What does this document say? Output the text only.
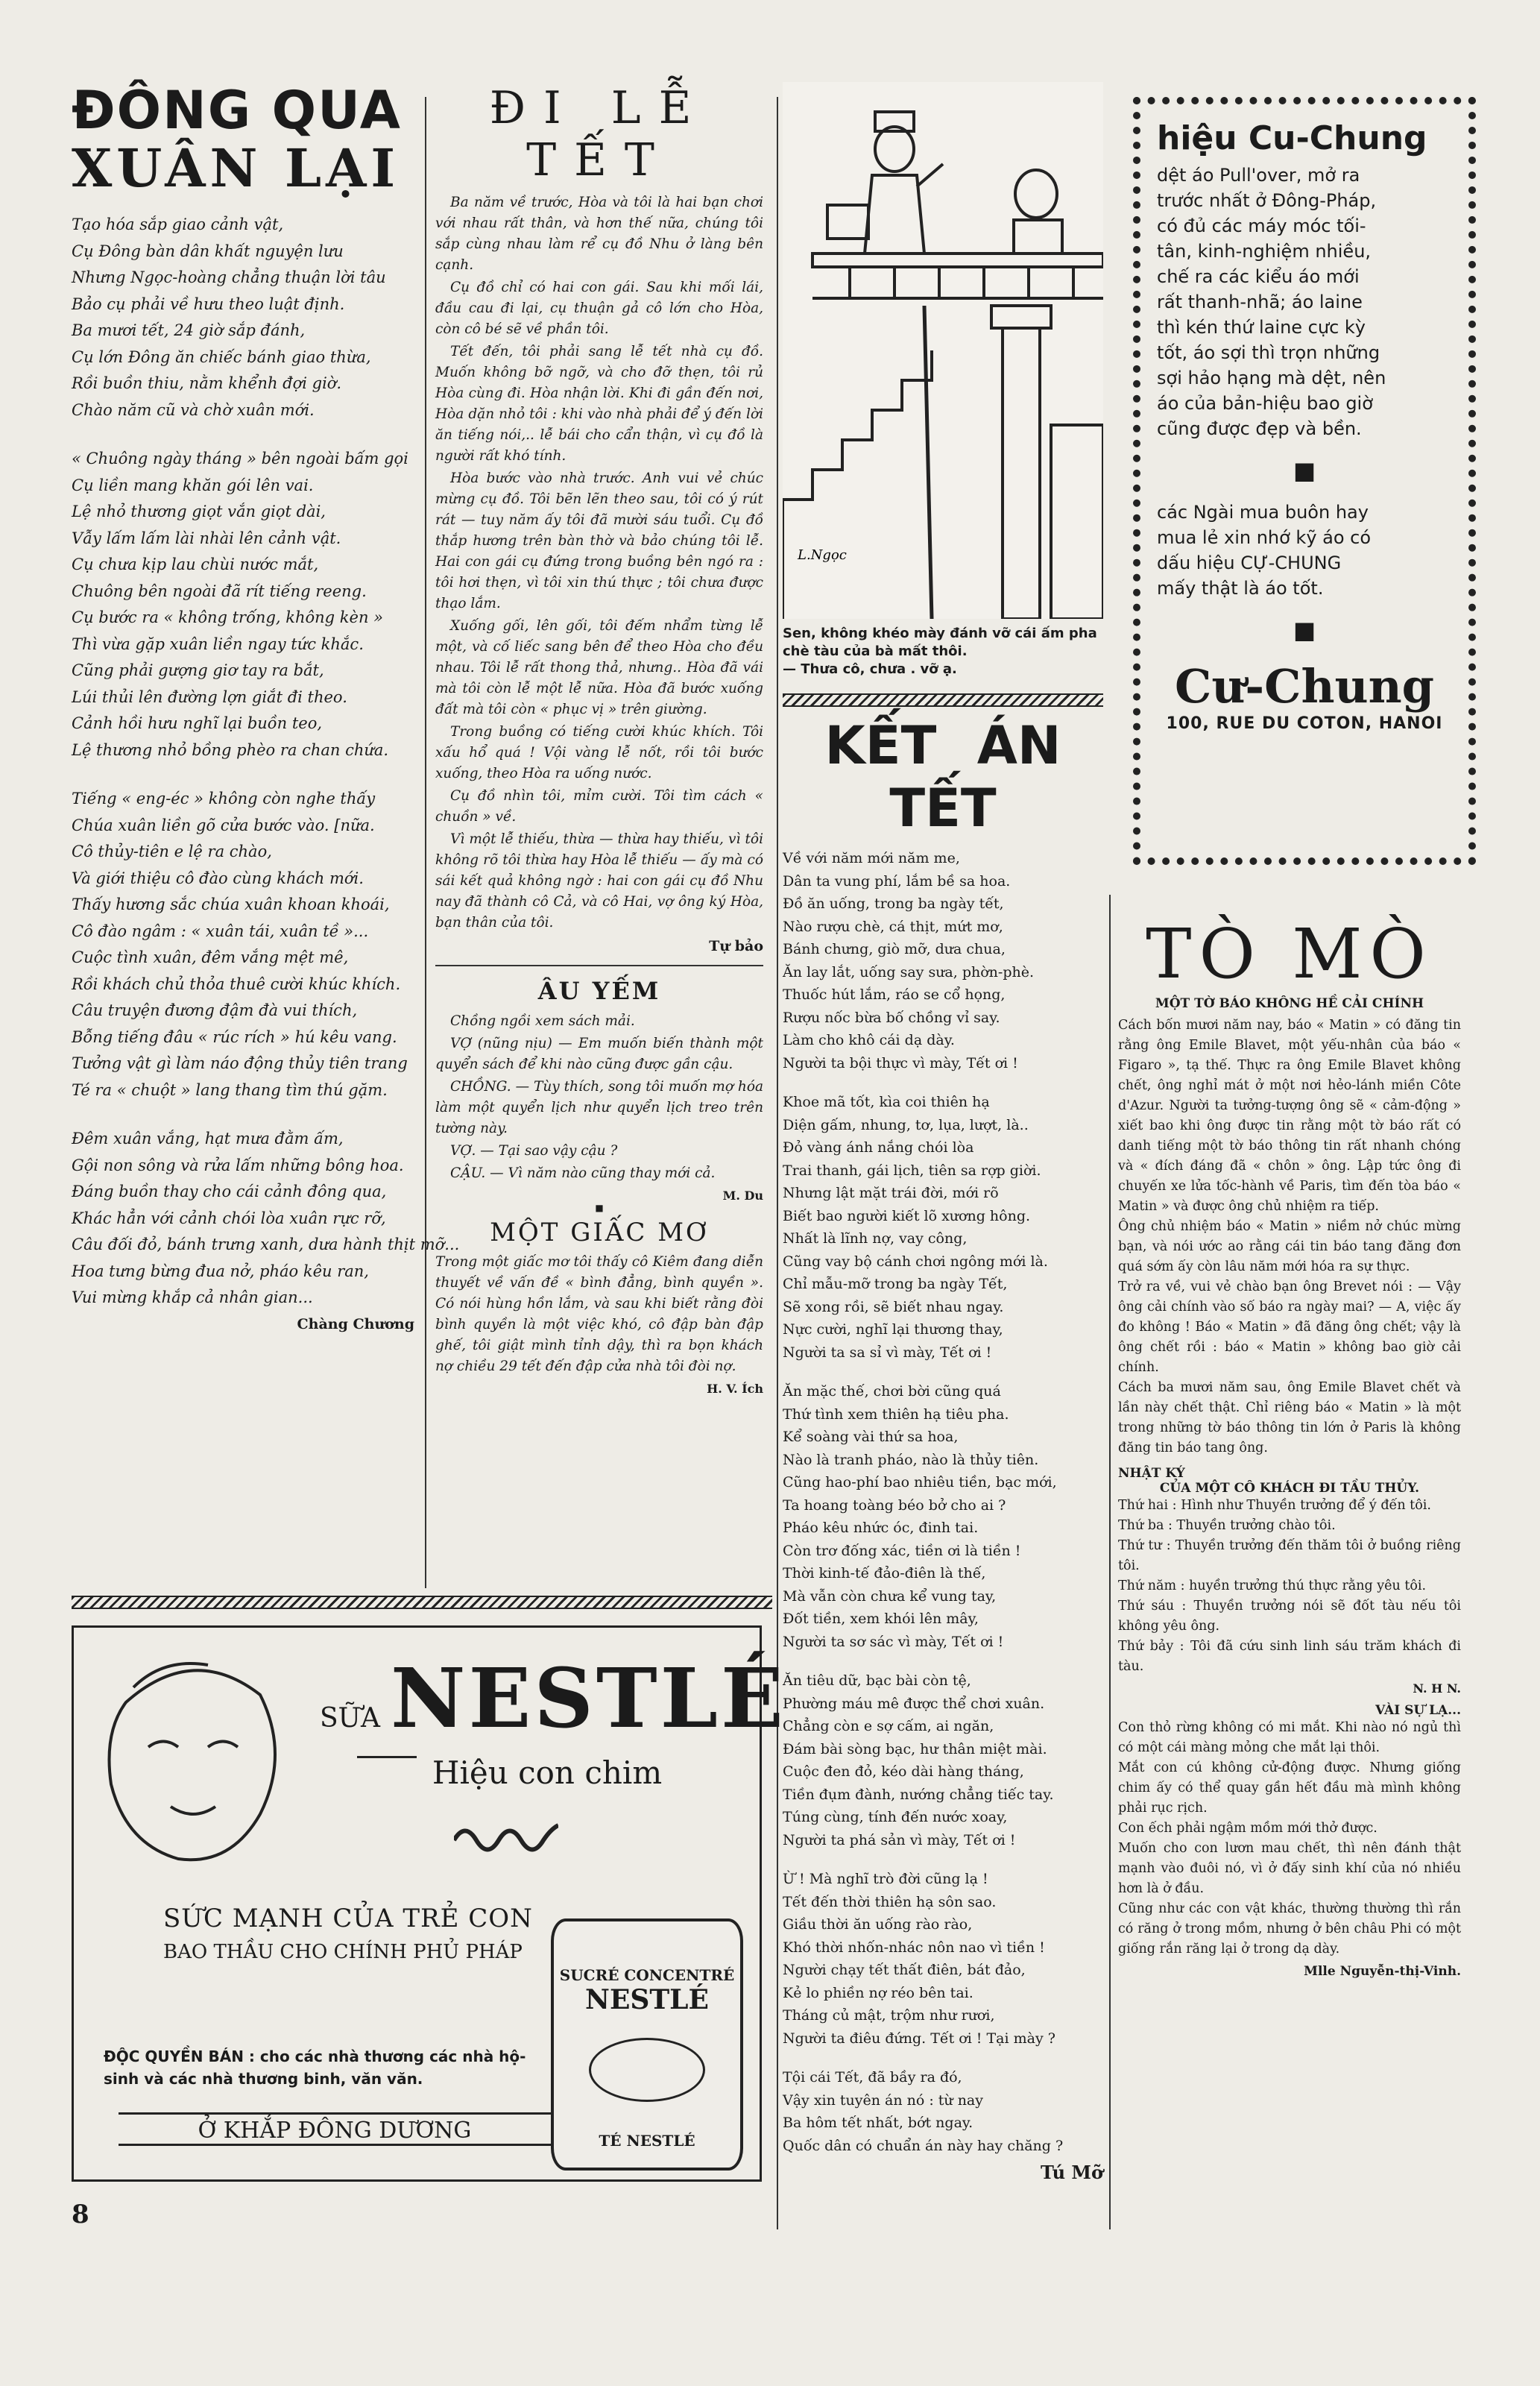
ĐÔNG QUA
XUÂN LẠI

Tạo hóa sắp giao cảnh vật,

Cụ Đông bàn dân khất nguyện lưu

Nhưng Ngọc-hoàng chẳng thuận lời tâu

Bảo cụ phải về hưu theo luật định.

Ba mươi tết, 24 giờ sắp đánh,

Cụ lớn Đông ăn chiếc bánh giao thừa,

Rồi buồn thiu, nằm khểnh đợi giờ.

Chào năm cũ và chờ xuân mới.

« Chuông ngày tháng » bên ngoài bấm gọi

Cụ liền mang khăn gói lên vai.

Lệ nhỏ thương giọt vắn giọt dài,

Vẫy lấm lấm lài nhài lên cảnh vật.

Cụ chưa kịp lau chùi nước mắt,

Chuông bên ngoài đã rít tiếng reeng.

Cụ bước ra « không trống, không kèn »

Thì vừa gặp xuân liền ngay tức khắc.

Cũng phải gượng giơ tay ra bắt,

Lúi thủi lên đường lợn giắt đi theo.

Cảnh hồi hưu nghĩ lại buồn teo,

Lệ thương nhỏ bồng phèo ra chan chứa.

Tiếng « eng-éc » không còn nghe thấy

Chúa xuân liền gõ cửa bước vào. [nữa.

Cô thủy-tiên e lệ ra chào,

Và giới thiệu cô đào cùng khách mới.

Thấy hương sắc chúa xuân khoan khoái,

Cô đào ngâm : « xuân tái, xuân tề »...

Cuộc tình xuân, đêm vắng mệt mê,

Rồi khách chủ thỏa thuê cười khúc khích.

Câu truyện đương đậm đà vui thích,

Bỗng tiếng đâu « rúc rích » hú kêu vang.

Tưởng vật gì làm náo động thủy tiên trang

Té ra « chuột » lang thang tìm thú gặm.

Đêm xuân vắng, hạt mưa đằm ấm,

Gội non sông và rửa lấm những bông hoa.

Đáng buồn thay cho cái cảnh đông qua,

Khác hẳn với cảnh chói lòa xuân rực rỡ,

Câu đối đỏ, bánh trưng xanh, dưa hành thịt mỡ...

Hoa tưng bừng đua nở, pháo kêu ran,

Vui mừng khắp cả nhân gian...

Chàng Chương
ĐI LỄ TẾT

Ba năm về trước, Hòa và tôi là hai bạn chơi với nhau rất thân, và hơn thế nữa, chúng tôi sắp cùng nhau làm rể cụ đồ Nhu ở làng bên cạnh.

Cụ đồ chỉ có hai con gái. Sau khi mối lái, đầu cau đi lại, cụ thuận gả cô lớn cho Hòa, còn cô bé sẽ về phần tôi.

Tết đến, tôi phải sang lễ tết nhà cụ đồ. Muốn không bỡ ngỡ, và cho đỡ thẹn, tôi rủ Hòa cùng đi. Hòa nhận lời. Khi đi gần đến nơi, Hòa dặn nhỏ tôi : khi vào nhà phải để ý đến lời ăn tiếng nói,.. lễ bái cho cẩn thận, vì cụ đồ là người rất khó tính.

Hòa bước vào nhà trước. Anh vui vẻ chúc mừng cụ đồ. Tôi bẽn lẽn theo sau, tôi có ý rút rát — tuy năm ấy tôi đã mười sáu tuổi. Cụ đồ thắp hương trên bàn thờ và bảo chúng tôi lễ. Hai con gái cụ đứng trong buồng bên ngó ra : tôi hơi thẹn, vì tôi xin thú thực ; tôi chưa được thạo lắm.

Xuống gối, lên gối, tôi đếm nhẩm từng lễ một, và cố liếc sang bên để theo Hòa cho đều nhau. Tôi lễ rất thong thả, nhưng.. Hòa đã vái mà tôi còn lễ một lễ nữa. Hòa đã bước xuống đất mà tôi còn « phục vị » trên giường.

Trong buồng có tiếng cười khúc khích. Tôi xấu hổ quá ! Vội vàng lễ nốt, rồi tôi bước xuống, theo Hòa ra uống nước.

Cụ đồ nhìn tôi, mỉm cười. Tôi tìm cách « chuồn » về.

Vì một lễ thiếu, thừa — thừa hay thiếu, vì tôi không rõ tôi thừa hay Hòa lễ thiếu — ấy mà có sái kết quả không ngờ : hai con gái cụ đồ Nhu nay đã thành cô Cả, và cô Hai, vợ ông ký Hòa, bạn thân của tôi.

Tự bảo
ÂU YẾM

Chồng ngồi xem sách mải.

VỢ (nũng nịu) — Em muốn biến thành một quyển sách để khi nào cũng được gần cậu.

CHỒNG. — Tùy thích, song tôi muốn mợ hóa làm một quyển lịch như quyển lịch treo trên tường này.

VỢ. — Tại sao vậy cậu ?

CẬU. — Vì năm nào cũng thay mới cả.

M. Du
■
MỘT GIẤC MƠ

Trong một giấc mơ tôi thấy cô Kiêm đang diễn thuyết về vấn đề « bình đẳng, bình quyền ». Có nói hùng hồn lắm, và sau khi biết rằng đòi bình quyền là một việc khó, cô đập bàn đập ghế, tôi giật mình tỉnh dậy, thì ra bọn khách nợ chiều 29 tết đến đập cửa nhà tôi đòi nợ.

H. V. Ích
L.Ngọc
Sen, không khéo mày đánh vỡ cái ấm pha chè tàu của bà mất thôi.
— Thưa cô, chưa . vỡ ạ.
KẾT ÁN TẾT

Về với năm mới năm me,

Dân ta vung phí, lắm bề sa hoa.

Đồ ăn uống, trong ba ngày tết,

Nào rượu chè, cá thịt, mứt mơ,

Bánh chưng, giò mỡ, dưa chua,

Ăn lay lắt, uống say sưa, phờn-phè.

Thuốc hút lắm, ráo se cổ họng,

Rượu nốc bừa bố chồng vỉ say.

Làm cho khô cái dạ dày.

Người ta bội thực vì mày, Tết ơi !

Khoe mã tốt, kìa coi thiên hạ

Diện gấm, nhung, tơ, lụa, lượt, là..

Đỏ vàng ánh nắng chói lòa

Trai thanh, gái lịch, tiên sa rợp giời.

Nhưng lật mặt trái đời, mới rõ

Biết bao người kiết lõ xương hông.

Nhất là lĩnh nợ, vay công,

Cũng vay bộ cánh chơi ngông mới là.

Chỉ mẫu-mỡ trong ba ngày Tết,

Sẽ xong rồi, sẽ biết nhau ngay.

Nực cười, nghĩ lại thương thay,

Người ta sa sỉ vì mày, Tết ơi !

Ăn mặc thế, chơi bời cũng quá

Thứ tình xem thiên hạ tiêu pha.

Kể soàng vài thứ sa hoa,

Nào là tranh pháo, nào là thủy tiên.

Cũng hao-phí bao nhiêu tiền, bạc mới,

Ta hoang toàng béo bở cho ai ?

Pháo kêu nhức óc, đinh tai.

Còn trơ đống xác, tiền ơi là tiền !

Thời kinh-tế đảo-điên là thế,

Mà vẫn còn chưa kể vung tay,

Đốt tiền, xem khói lên mây,

Người ta sơ sác vì mày, Tết ơi !

Ăn tiêu dữ, bạc bài còn tệ,

Phường máu mê được thể chơi xuân.

Chẳng còn e sợ cấm, ai ngăn,

Đám bài sòng bạc, hư thân miệt mài.

Cuộc đen đỏ, kéo dài hàng tháng,

Tiền đụm đành, nướng chẳng tiếc tay.

Túng cùng, tính đến nước xoay,

Người ta phá sản vì mày, Tết ơi !

Ừ ! Mà nghĩ trò đời cũng lạ !

Tết đến thời thiên hạ sôn sao.

Giầu thời ăn uống rào rào,

Khó thời nhốn-nhác nôn nao vì tiền !

Người chạy tết thất điên, bát đảo,

Kẻ lo phiền nợ réo bên tai.

Tháng củ mật, trộm như rươi,

Người ta điêu đứng. Tết ơi ! Tại mày ?

Tội cái Tết, đã bầy ra đó,

Vậy xin tuyên án nó : từ nay

Ba hôm tết nhất, bớt ngay.

Quốc dân có chuẩn án này hay chăng ?

Tú Mỡ
hiệu Cu-Chung
dệt áo Pull'over, mở ra
trước nhất ở Đông-Pháp,
có đủ các máy móc tối-
tân, kinh-nghiệm nhiều,
chế ra các kiểu áo mới
rất thanh-nhã; áo laine
thì kén thứ laine cực kỳ
tốt, áo sợi thì trọn những
sợi hảo hạng mà dệt, nên
áo của bản-hiệu bao giờ
cũng được đẹp và bền.
■
các Ngài mua buôn hay
mua lẻ xin nhớ kỹ áo có
dấu hiệu CỰ-CHUNG
mấy thật là áo tốt.
■
Cư-Chung
100, RUE DU COTON, HANOI
TÒ MÒ
MỘT TỜ BÁO KHÔNG HỀ CẢI CHÍNH

Cách bốn mươi năm nay, báo « Matin » có đăng tin rằng ông Emile Blavet, một yếu-nhân của báo « Figaro », tạ thế. Thực ra ông Emile Blavet không chết, ông nghỉ mát ở một nơi hẻo-lánh miền Côte d'Azur. Người ta tưởng-tượng ông sẽ « cảm-động » xiết bao khi ông được tin rằng một tờ báo rất có danh tiếng một tờ báo thông tin rất nhanh chóng và « đích đáng đã « chôn » ông. Lập tức ông đi chuyến xe lửa tốc-hành về Paris, tìm đến tòa báo « Matin » và được ông chủ nhiệm ra tiếp.

Ông chủ nhiệm báo « Matin » niềm nở chúc mừng bạn, và nói ước ao rằng cái tin báo tang đăng đơn quá sớm ấy còn lâu năm mới hóa ra sự thực.

Trở ra về, vui vẻ chào bạn ông Brevet nói : — Vậy ông cải chính vào số báo ra ngày mai? — A, việc ấy đo không ! Báo « Matin » đã đăng ông chết; vậy là ông chết rồi : báo « Matin » không bao giờ cải chính.

Cách ba mươi năm sau, ông Emile Blavet chết và lần này chết thật. Chỉ riêng báo « Matin » là một trong những tờ báo thông tin lớn ở Paris là không đăng tin báo tang ông.

NHẬT KÝ
CỦA MỘT CÔ KHÁCH ĐI TẦU THỦY.

Thứ hai : Hình như Thuyền trưởng để ý đến tôi.

Thứ ba : Thuyền trưởng chào tôi.

Thứ tư : Thuyền trưởng đến thăm tôi ở buồng riêng tôi.

Thứ năm : huyền trưởng thú thực rằng yêu tôi.

Thứ sáu : Thuyền trưởng nói sẽ đốt tàu nếu tôi không yêu ông.

Thứ bảy : Tôi đã cứu sinh linh sáu trăm khách đi tàu.

N. H N.
VÀI SỰ LẠ...

Con thỏ rừng không có mi mắt. Khi nào nó ngủ thì có một cái màng mỏng che mắt lại thôi.

Mắt con cú không cử-động được. Nhưng giống chim ấy có thể quay gần hết đầu mà mình không phải rục rịch.

Con ếch phải ngậm mồm mới thở được.

Muốn cho con lươn mau chết, thì nên đánh thật mạnh vào đuôi nó, vì ở đấy sinh khí của nó nhiều hơn là ở đầu.

Cũng như các con vật khác, thường thường thì rắn có răng ở trong mồm, nhưng ở bên châu Phi có một giống rắn răng lại ở trong dạ dày.

Mlle Nguyễn-thị-Vinh.
SỮA NESTLÉ
Hiệu con chim
SỨC MẠNH CỦA TRẺ CON
BAO THẦU CHO CHÍNH PHỦ PHÁP
ĐỘC QUYỀN BÁN : cho các nhà thương các nhà hộ-sinh và các nhà thương binh, văn văn.
Ở KHẮP ĐÔNG DƯƠNG
SUCRÉ CONCENTRÉ
NESTLÉ
TÉ NESTLÉ
8
